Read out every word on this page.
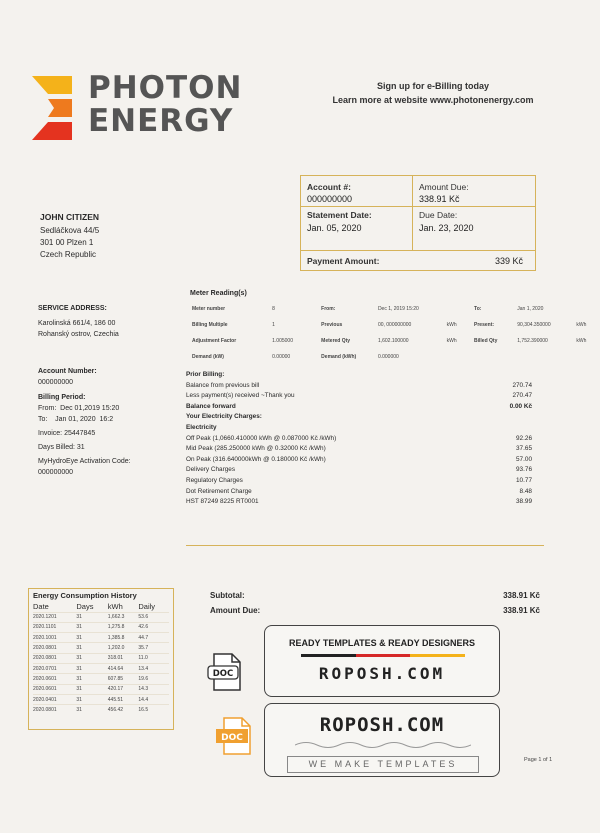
PHOTON
ENERGY
Sign up for e-Billing today
Learn more at website www.photonenergy.com
Account #:
000000000
Amount Due:
338.91 Kč
Statement Date:
Jan. 05, 2020
Due Date:
Jan. 23, 2020
Payment Amount:	339 Kč
JOHN CITIZEN
Sedláčkova 44/5
301 00 Plzen 1
Czech Republic
SERVICE ADDRESS:
Karolinská 661/4, 186 00
Rohanský ostrov, Czechia
Meter Reading(s)
Meter number	8	From:	Dec 1, 2019 15:20		To:	Jan 1, 2020	
Billing Multiple	1	Previous	00, 000000000	kWh	Present:	90,304.350000	kWh
Adjustment Factor	1.005000	Metered Qty	1,602.100000	kWh	Billed Qty	1,752.390000	kWh
Demand (kW)	0.00000	Demand (kWh)	0.000000				
Account Number:
000000000
Billing Period:
From:  Dec 01,2019 15:20
To:    Jan 01, 2020  16:2
Invoice: 25447845
Days Billed: 31
MyHydroEye Activation Code:
000000000
Prior Billing:
Balance from previous bill	270.74
Less payment(s) received ~Thank you	270.47
Balance forward	0.00 Kč
Your Electricity Charges:
Electricity
Off Peak (1,0660.410000 kWh @ 0.087000 Kč /kWh)	92.26
Mid Peak (285.250000 kWh @ 0.32000 Kč /kWh)	37.65
On Peak (316.640000kWh @ 0.180000 Kč /kWh)	57.00
Delivery Charges	93.76
Regulatory Charges	10.77
Dot Retirement Charge	8.48
HST 87249 8225 RT0001	38.99
Subtotal:	338.91 Kč
Amount Due:	338.91 Kč
Energy Consumption History
Date	Days	kWh	Daily
2020.1201	31	1,662.3	53.6
2020.1101	31	1,275.8	42.6
2020.1001	31	1,385.8	44.7
2020.0801	31	1,202.0	35.7
2020.0801	31	318.01	11.0
2020.0701	31	414.64	13.4
2020.0601	31	607.85	19.6
2020.0601	31	420.17	14.3
2020.0401	31	445.51	14.4
2020.0801	31	456.42	16.5
DOC
READY TEMPLATES & READY DESIGNERS
ROPOSH.COM
DOC
ROPOSH.COM
WE MAKE TEMPLATES	Page 1 of 1
